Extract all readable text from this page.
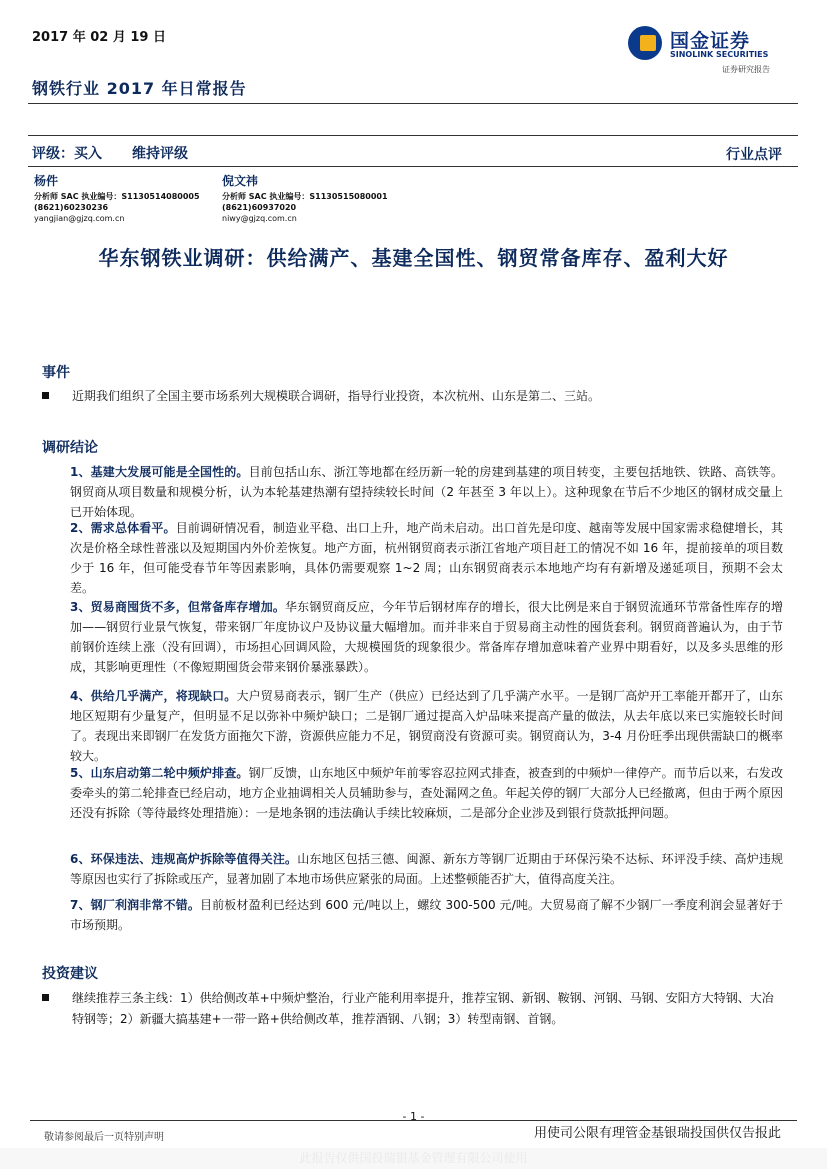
2017 年 02 月 19 日
钢铁行业 2017 年日常报告
国金证券
SINOLINK SECURITIES
证券研究报告
评级：买入 维持评级	行业点评
杨件
分析师 SAC 执业编号：S1130514080005
(8621)60230236
yangjian@gjzq.com.cn
倪文祎
分析师 SAC 执业编号：S1130515080001
(8621)60937020
niwy@gjzq.com.cn
华东钢铁业调研：供给满产、基建全国性、钢贸常备库存、盈利大好
事件
近期我们组织了全国主要市场系列大规模联合调研，指导行业投资，本次杭州、山东是第二、三站。
调研结论
1、基建大发展可能是全国性的。目前包括山东、浙江等地都在经历新一轮的房建到基建的项目转变，主要包括地铁、铁路、高铁等。钢贸商从项目数量和规模分析，认为本轮基建热潮有望持续较长时间（2 年甚至 3 年以上）。这种现象在节后不少地区的钢材成交量上已开始体现。
2、需求总体看平。目前调研情况看，制造业平稳、出口上升，地产尚未启动。出口首先是印度、越南等发展中国家需求稳健增长，其次是价格全球性普涨以及短期国内外价差恢复。地产方面，杭州钢贸商表示浙江省地产项目赶工的情况不如 16 年，提前接单的项目数少于 16 年，但可能受春节年等因素影响，具体仍需要观察 1~2 周；山东钢贸商表示本地地产均有有新增及递延项目，预期不会太差。
3、贸易商囤货不多，但常备库存增加。华东钢贸商反应，今年节后钢材库存的增长，很大比例是来自于钢贸流通环节常备性库存的增加——钢贸行业景气恢复，带来钢厂年度协议户及协议量大幅增加。而并非来自于贸易商主动性的囤货套利。钢贸商普遍认为，由于节前钢价连续上涨（没有回调），市场担心回调风险，大规模囤货的现象很少。常备库存增加意味着产业界中期看好，以及多头思维的形成，其影响更理性（不像短期囤货会带来钢价暴涨暴跌）。
4、供给几乎满产，将现缺口。大户贸易商表示，钢厂生产（供应）已经达到了几乎满产水平。一是钢厂高炉开工率能开都开了，山东地区短期有少量复产，但明显不足以弥补中频炉缺口；二是钢厂通过提高入炉品味来提高产量的做法，从去年底以来已实施较长时间了。表现出来即钢厂在发货方面拖欠下游，资源供应能力不足，钢贸商没有资源可卖。钢贸商认为，3-4 月份旺季出现供需缺口的概率较大。
5、山东启动第二轮中频炉排查。钢厂反馈，山东地区中频炉年前零容忍拉网式排查，被查到的中频炉一律停产。而节后以来，右发改委牵头的第二轮排查已经启动，地方企业抽调相关人员辅助参与，查处漏网之鱼。年起关停的钢厂大部分人已经撤离，但由于两个原因还没有拆除（等待最终处理措施）：一是地条钢的违法确认手续比较麻烦，二是部分企业涉及到银行贷款抵押问题。
6、环保违法、违规高炉拆除等值得关注。山东地区包括三德、闽源、新东方等钢厂近期由于环保污染不达标、环评没手续、高炉违规等原因也实行了拆除或压产，显著加剧了本地市场供应紧张的局面。上述整顿能否扩大，值得高度关注。
7、钢厂利润非常不错。目前板材盈利已经达到 600 元/吨以上，螺纹 300-500 元/吨。大贸易商了解不少钢厂一季度利润会显著好于市场预期。
投资建议
继续推荐三条主线：1）供给侧改革+中频炉整治，行业产能利用率提升，推荐宝钢、新钢、鞍钢、河钢、马钢、安阳方大特钢、大冶特钢等；2）新疆大搞基建+一带一路+供给侧改革，推荐酒钢、八钢；3）转型南钢、首钢。
- 1 -
敬请参阅最后一页特别声明	用使司公限有理管金基银瑞投国供仅告报此
此报告仅供国投瑞银基金管理有限公司使用
